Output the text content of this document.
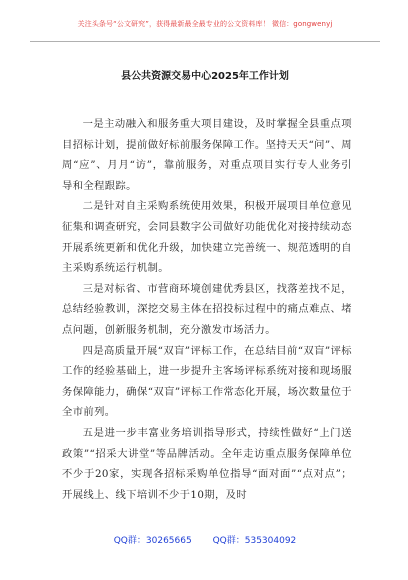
关注头条号“公文研究”，获得最新最全最专业的公文资料库！ 微信：gongwenyj
县公共资源交易中心2025年工作计划

一是主动融入和服务重大项目建设，及时掌握全县重点项目招标计划，提前做好标前服务保障工作。坚持天天“问”、周周“应”、月月“访”，靠前服务，对重点项目实行专人业务引导和全程跟踪。

二是针对自主采购系统使用效果，积极开展项目单位意见征集和调查研究，会同县数字公司做好功能优化对接持续动态开展系统更新和优化升级，加快建立完善统一、规范透明的自主采购系统运行机制。

三是对标省、市营商环境创建优秀县区，找落差找不足，总结经验教训，深挖交易主体在招投标过程中的痛点难点、堵点问题，创新服务机制，充分激发市场活力。

四是高质量开展“双盲”评标工作，在总结目前“双盲”评标工作的经验基础上，进一步提升主客场评标系统对接和现场服务保障能力，确保“双盲”评标工作常态化开展，场次数量位于全市前列。

五是进一步丰富业务培训指导形式，持续性做好“上门送政策”“招采大讲堂”等品牌活动。全年走访重点服务保障单位不少于20家，实现各招标采购单位指导“面对面”“点对点”；开展线上、线下培训不少于10期，及时

QQ群：30265665 QQ群：535304092
